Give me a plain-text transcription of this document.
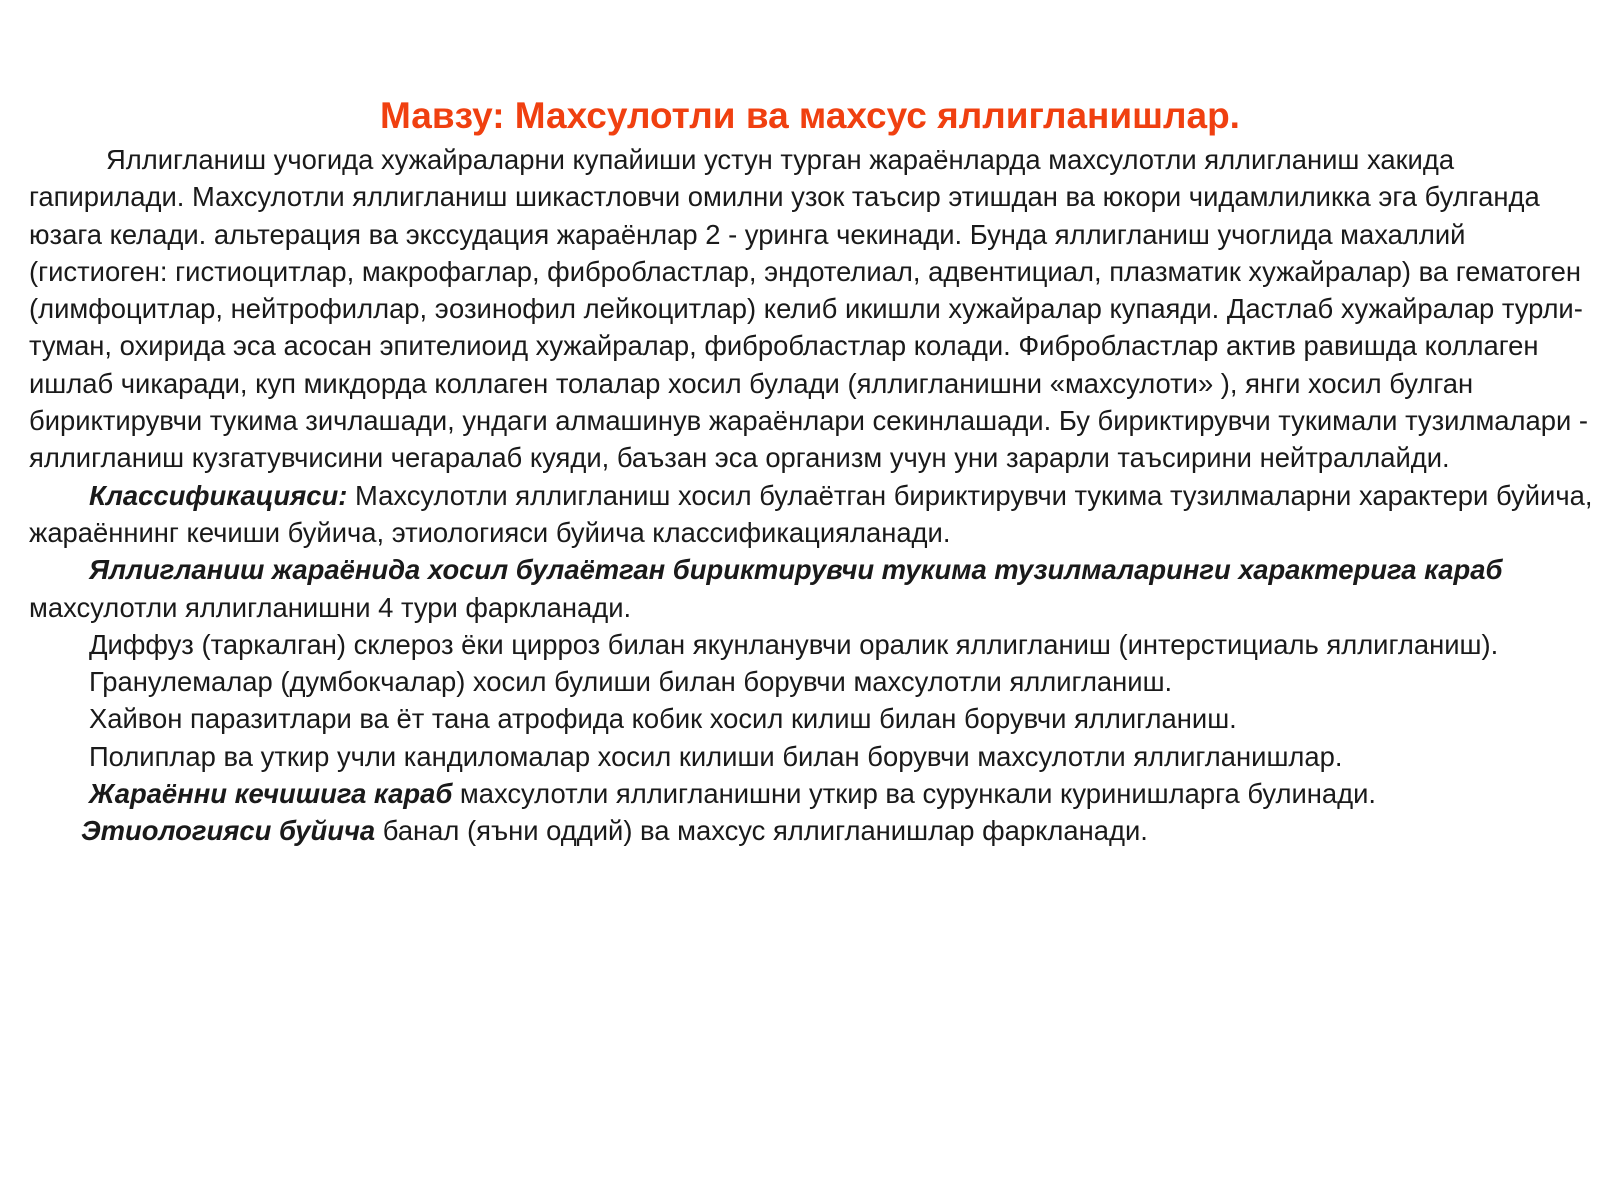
Мавзу: Махсулотли ва махсус яллигланишлар.

Яллигланиш учогида хужайраларни купайиши устун турган жараёнларда махсулотли яллигланиш хакида гапирилади. Махсулотли яллигланиш шикастловчи омилни узок таъсир этишдан ва юкори чидамлиликка эга булганда юзага келади. альтерация ва экссудация жараёнлар 2 - уринга чекинади. Бунда яллигланиш учоглида махаллий (гистиоген: гистиоцитлар, макрофаглар, фибробластлар, эндотелиал, адвентициал, плазматик хужайралар) ва гематоген (лимфоцитлар, нейтрофиллар, эозинофил лейкоцитлар) келиб икишли хужайралар купаяди. Дастлаб хужайралар турли-туман, охирида эса асосан эпителиоид хужайралар, фибробластлар колади. Фибробластлар актив равишда коллаген ишлаб чикаради, куп микдорда коллаген толалар хосил булади (яллигланишни «махсулоти» ), янги хосил булган бириктирувчи тукима зичлашади, ундаги алмашинув жараёнлари секинлашади. Бу бириктирувчи тукимали тузилмалари - яллигланиш кузгатувчисини чегаралаб куяди, баъзан эса организм учун уни зарарли таъсирини нейтраллайди.

Классификацияси: Махсулотли яллигланиш хосил булаётган бириктирувчи тукима тузилмаларни характери буйича, жараённинг кечиши буйича, этиологияси буйича классификацияланади.

Яллигланиш жараёнида хосил булаётган бириктирувчи тукима тузилмаларинги характерига караб махсулотли яллигланишни 4 тури фаркланади.

Диффуз (таркалган) склероз ёки цирроз билан якунланувчи оралик яллигланиш (интерстициаль яллигланиш).

Гранулемалар (думбокчалар) хосил булиши билан борувчи махсулотли яллигланиш.

Хайвон паразитлари ва ёт тана атрофида кобик хосил килиш билан борувчи яллигланиш.

Полиплар ва уткир учли кандиломалар хосил килиши билан борувчи махсулотли яллигланишлар.

Жараённи кечишига караб махсулотли яллигланишни уткир ва сурункали куринишларга булинади.

Этиологияси буйича банал (яъни оддий) ва махсус яллигланишлар фаркланади.
